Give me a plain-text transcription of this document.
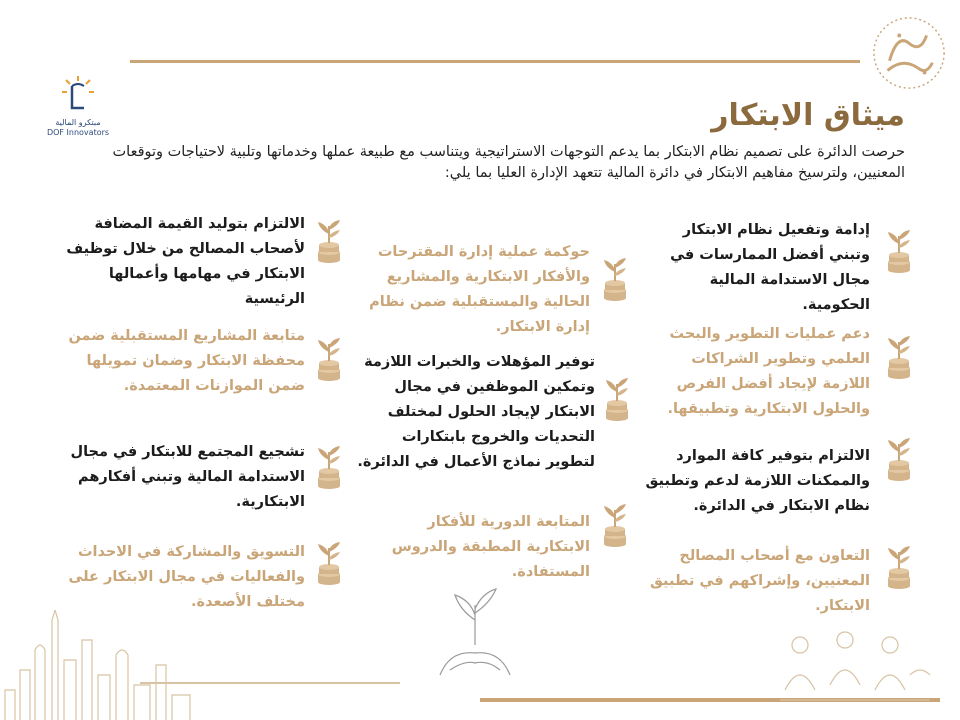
مبتكرو المالية
DOF Innovators	ميثاق الابتكار
حرصت الدائرة على تصميم نظام الابتكار بما يدعم التوجهات الاستراتيجية ويتناسب مع طبيعة عملها وخدماتها وتلبية لاحتياجات وتوقعات المعنيين، ولترسيخ مفاهيم الابتكار في دائرة المالية تتعهد الإدارة العليا بما يلي:
إدامة وتفعيل نظام الابتكار وتبني أفضل الممارسات في مجال الاستدامة المالية الحكومية.
دعم عمليات التطوير والبحث العلمي وتطوير الشراكات اللازمة لإيجاد أفضل الفرص والحلول الابتكارية وتطبيقها.
الالتزام بتوفير كافة الموارد والممكنات اللازمة لدعم وتطبيق نظام الابتكار في الدائرة.
التعاون مع أصحاب المصالح المعنيين، وإشراكهم في تطبيق الابتكار.
حوكمة عملية إدارة المقترحات والأفكار الابتكارية والمشاريع الحالية والمستقبلية ضمن نظام إدارة الابتكار.
توفير المؤهلات والخبرات اللازمة وتمكين الموظفين في مجال الابتكار لإيجاد الحلول لمختلف التحديات والخروج بابتكارات لتطوير نماذج الأعمال في الدائرة.
المتابعة الدورية للأفكار الابتكارية المطبقة والدروس المستفادة.
الالتزام بتوليد القيمة المضافة لأصحاب المصالح من خلال توظيف الابتكار في مهامها وأعمالها الرئيسية
متابعة المشاريع المستقبلية ضمن محفظة الابتكار وضمان تمويلها ضمن الموازنات المعتمدة.
تشجيع المجتمع للابتكار في مجال الاستدامة المالية وتبني أفكارهم الابتكارية.
التسويق والمشاركة في الاحداث والفعاليات في مجال الابتكار على مختلف الأصعدة.
